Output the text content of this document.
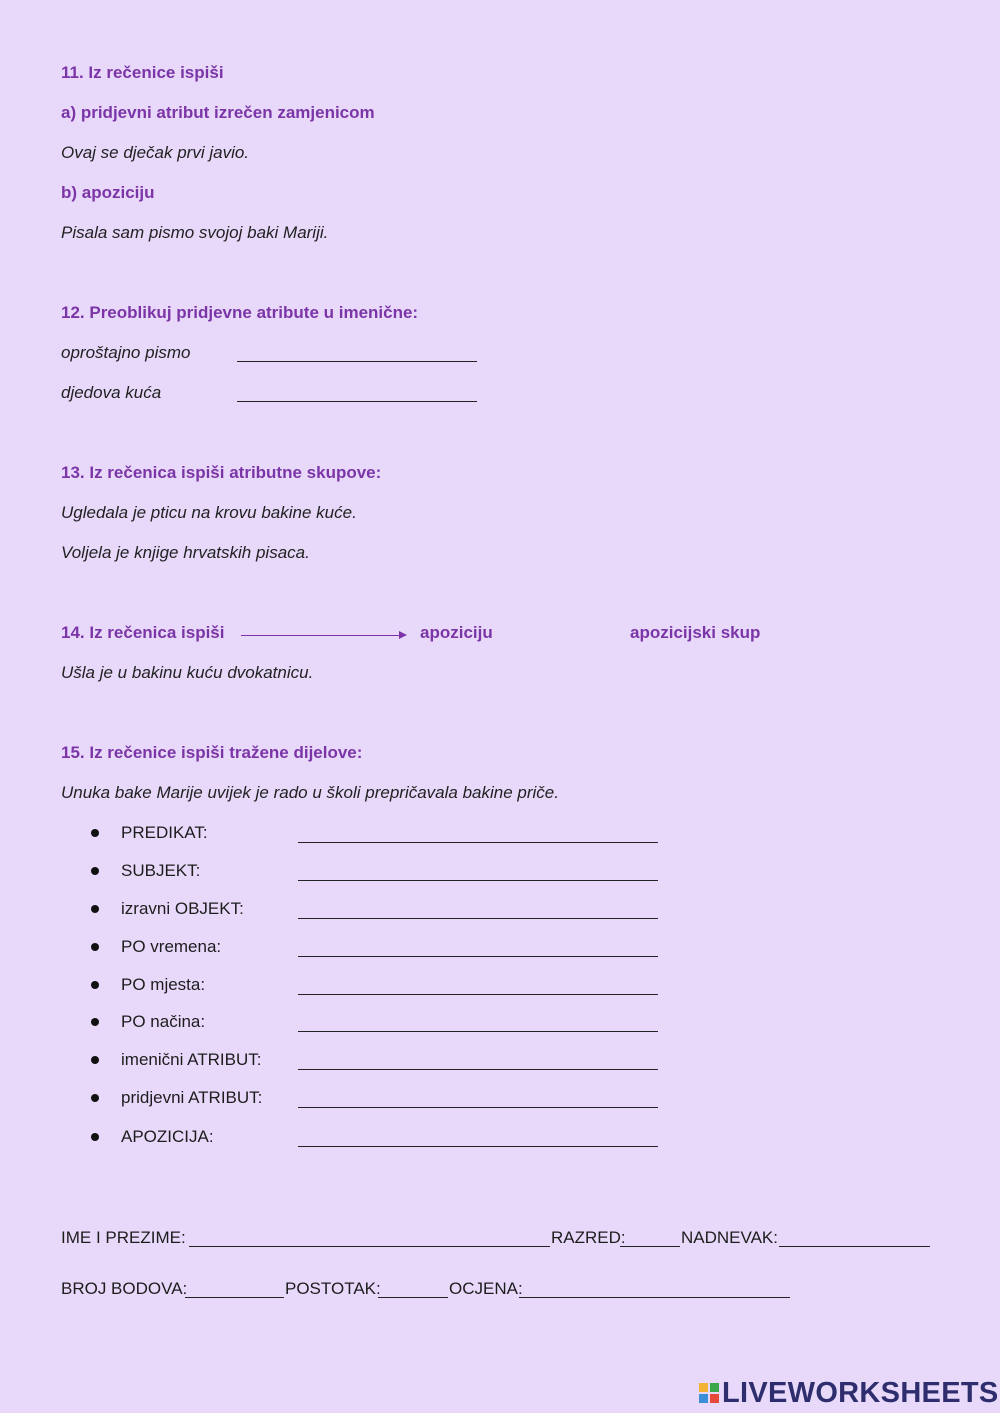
11. Iz rečenice ispiši
a) pridjevni atribut izrečen zamjenicom
Ovaj se dječak prvi javio.
b) apoziciju
Pisala sam pismo svojoj baki Mariji.
12. Preoblikuj pridjevne atribute u imenične:
oproštajno pismo
djedova kuća
13. Iz rečenica ispiši atributne skupove:
Ugledala je pticu na krovu bakine kuće.
Voljela je knjige hrvatskih pisaca.
14. Iz rečenica ispiši	apoziciju	apozicijski skup
Ušla je u bakinu kuću dvokatnicu.
15. Iz rečenice ispiši tražene dijelove:
Unuka bake Marije uvijek je rado u školi prepričavala bakine priče.
PREDIKAT:
SUBJEKT:
izravni OBJEKT:
PO vremena:
PO mjesta:
PO načina:
imenični ATRIBUT:
pridjevni ATRIBUT:
APOZICIJA:
IME I PREZIME:	RAZRED:	NADNEVAK:
BROJ BODOVA:	POSTOTAK:	OCJENA:
LIVEWORKSHEETS
